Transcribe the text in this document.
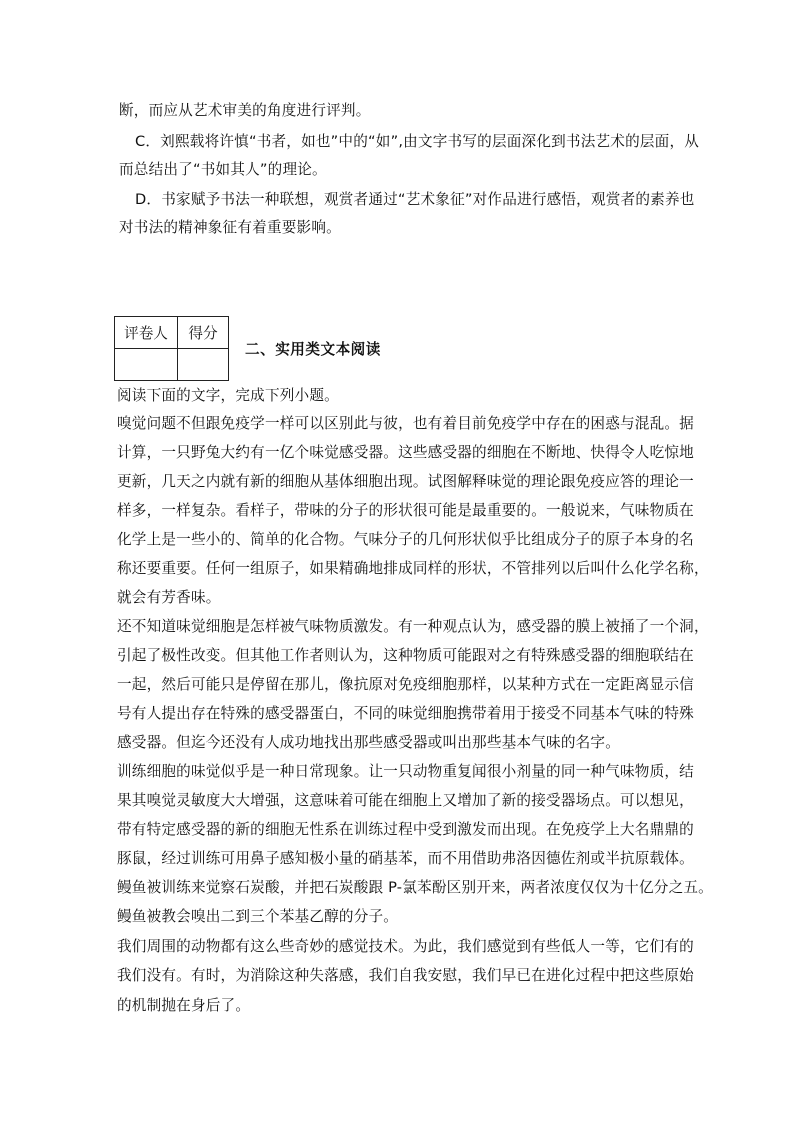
断，而应从艺术审美的角度进行评判。
C．刘熙载将许慎“书者，如也”中的“如”,由文字书写的层面深化到书法艺术的层面，从
而总结出了“书如其人”的理论。
D．书家赋予书法一种联想，观赏者通过“艺术象征”对作品进行感悟，观赏者的素养也
对书法的精神象征有着重要影响。
评卷人	得分

二、实用类文本阅读
阅读下面的文字，完成下列小题。
嗅觉问题不但跟免疫学一样可以区别此与彼，也有着目前免疫学中存在的困惑与混乱。据
计算，一只野兔大约有一亿个味觉感受器。这些感受器的细胞在不断地、快得令人吃惊地
更新，几天之内就有新的细胞从基体细胞出现。试图解释味觉的理论跟免疫应答的理论一
样多，一样复杂。看样子，带味的分子的形状很可能是最重要的。一般说来，气味物质在
化学上是一些小的、简单的化合物。气味分子的几何形状似乎比组成分子的原子本身的名
称还要重要。任何一组原子，如果精确地排成同样的形状，不管排列以后叫什么化学名称，
就会有芳香味。
还不知道味觉细胞是怎样被气味物质激发。有一种观点认为，感受器的膜上被捅了一个洞，
引起了极性改变。但其他工作者则认为，这种物质可能跟对之有特殊感受器的细胞联结在
一起，然后可能只是停留在那儿，像抗原对免疫细胞那样，以某种方式在一定距离显示信
号有人提出存在特殊的感受器蛋白，不同的味觉细胞携带着用于接受不同基本气味的特殊
感受器。但迄今还没有人成功地找出那些感受器或叫出那些基本气味的名字。
训练细胞的味觉似乎是一种日常现象。让一只动物重复闻很小剂量的同一种气味物质，结
果其嗅觉灵敏度大大增强，这意味着可能在细胞上又增加了新的接受器场点。可以想见，
带有特定感受器的新的细胞无性系在训练过程中受到激发而出现。在免疫学上大名鼎鼎的
豚鼠，经过训练可用鼻子感知极小量的硝基苯，而不用借助弗洛因德佐剂或半抗原载体。
鳗鱼被训练来觉察石炭酸，并把石炭酸跟 P-氯苯酚区别开来，两者浓度仅仅为十亿分之五。
鳗鱼被教会嗅出二到三个苯基乙醇的分子。
我们周围的动物都有这么些奇妙的感觉技术。为此，我们感觉到有些低人一等，它们有的
我们没有。有时，为消除这种失落感，我们自我安慰，我们早已在进化过程中把这些原始
的机制抛在身后了。
